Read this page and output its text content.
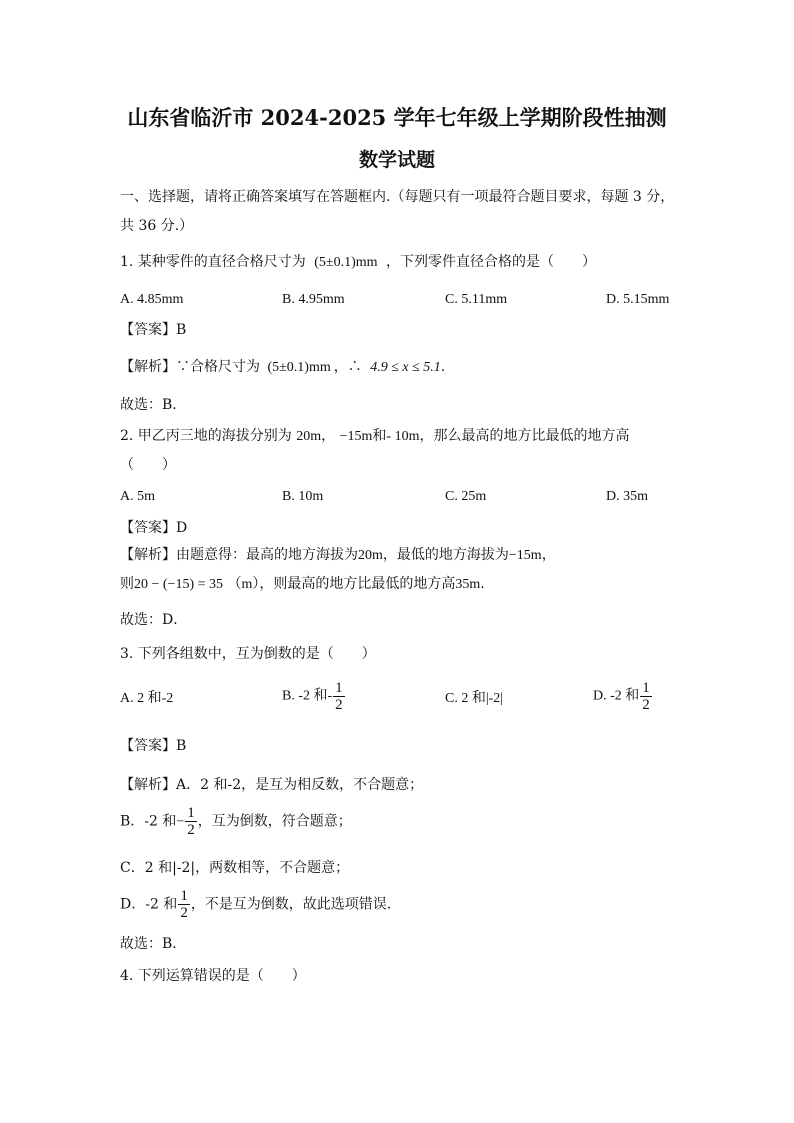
山东省临沂市 2024-2025 学年七年级上学期阶段性抽测
数学试题
一、选择题，请将正确答案填写在答题框内.（每题只有一项最符合题目要求，每题 3 分，
共 36 分.）
1. 某种零件的直径合格尺寸为 (5±0.1)mm ，下列零件直径合格的是（　　）
A. 4.85mm	B. 4.95mm	C. 5.11mm	D. 5.15mm
【答案】B
【解析】∵合格尺寸为 (5±0.1)mm ，∴ 4.9 ≤ x ≤ 5.1.
故选：B．
2. 甲乙丙三地的海拔分别为 20m， −15m和- 10m，那么最高的地方比最低的地方高
（　　）
A. 5m	B. 10m	C. 25m	D. 35m
【答案】D
【解析】由题意得：最高的地方海拔为20m，最低的地方海拔为−15m，
则20 − (−15) = 35 （m），则最高的地方比最低的地方高35m.
故选：D．
3. 下列各组数中，互为倒数的是（　　）
A. 2 和-2	B. -2 和- $\frac{1}{2}$	C. 2 和|-2|	D. -2 和 $\frac{1}{2}$
【答案】B
【解析】A．2 和-2，是互为相反数，不合题意；
B．-2 和− $\frac{1}{2}$ ，互为倒数，符合题意；
C．2 和|-2|，两数相等，不合题意；
D．-2 和 $\frac{1}{2}$ ，不是互为倒数，故此选项错误.
故选：B．
4. 下列运算错误的是（　　）
